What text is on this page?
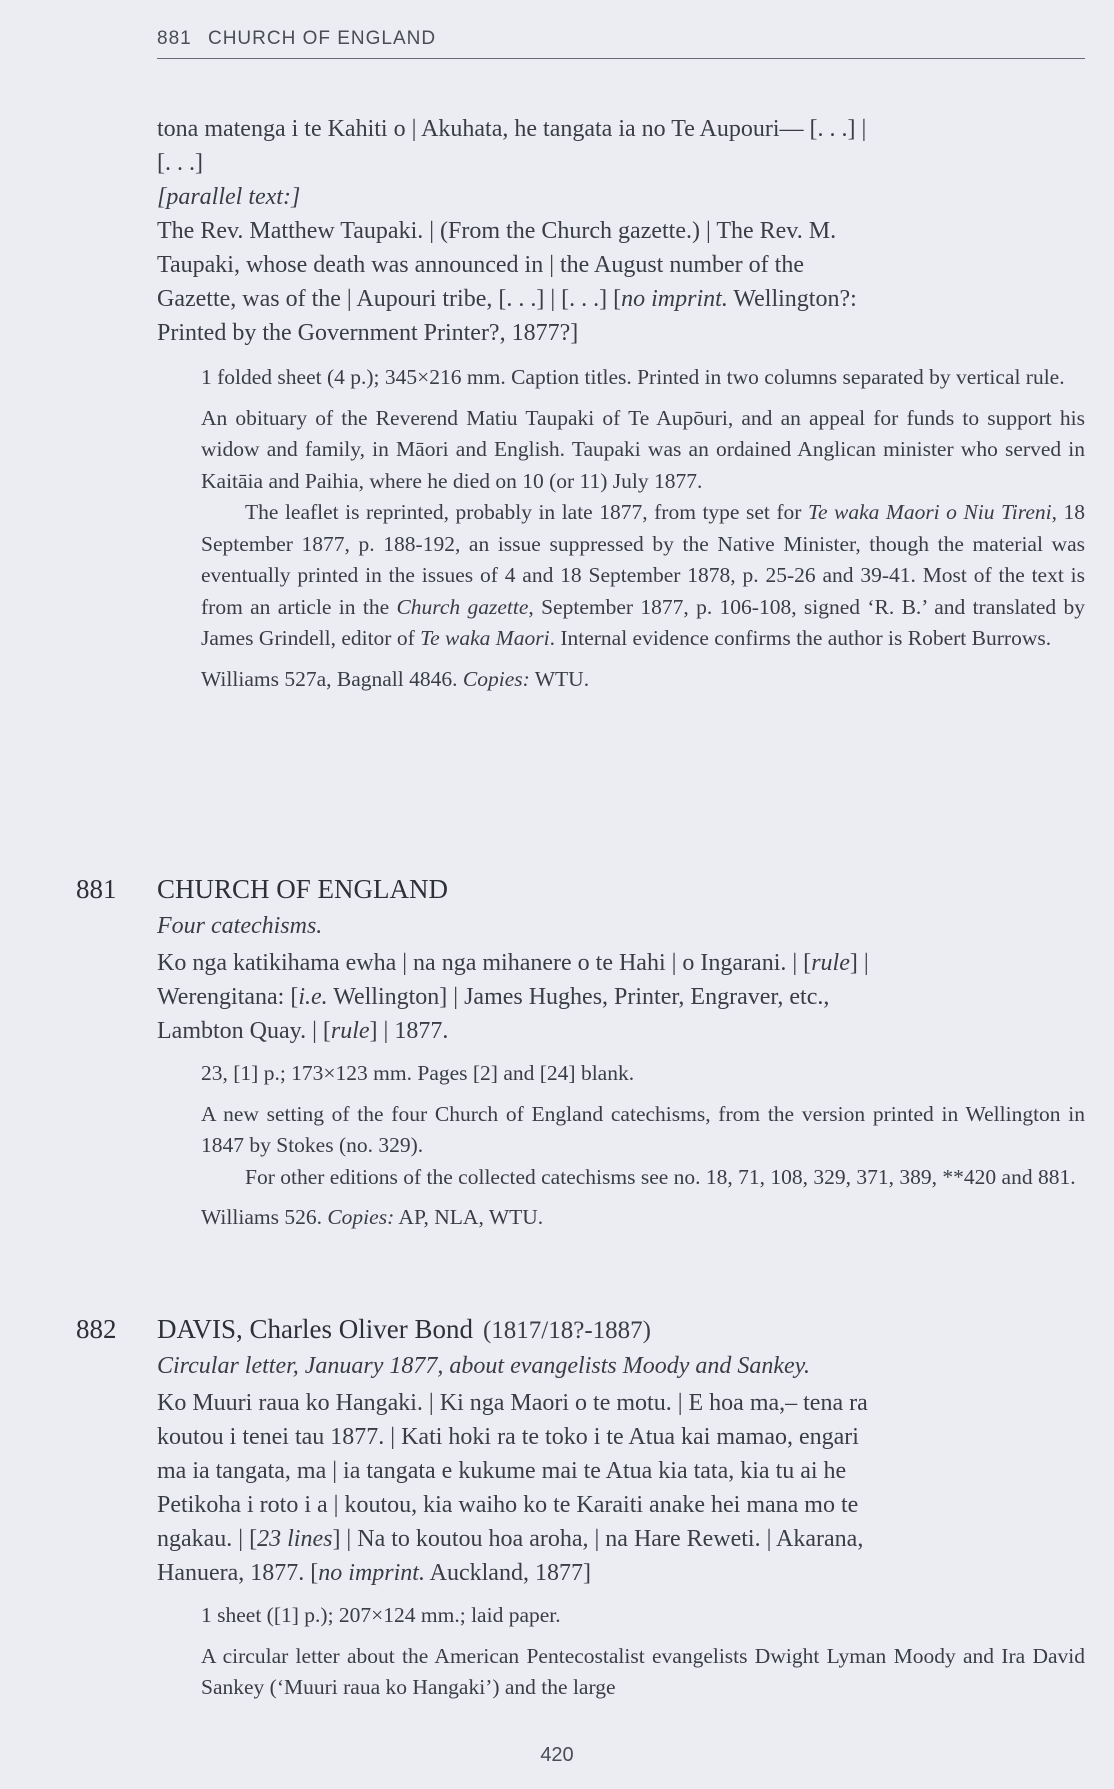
881 CHURCH OF ENGLAND
tona matenga i te Kahiti o | Akuhata, he tangata ia no Te Aupouri— [. . .] |
[. . .]
[parallel text:]
The Rev. Matthew Taupaki. | (From the Church gazette.) | The Rev. M.
Taupaki, whose death was announced in | the August number of the
Gazette, was of the | Aupouri tribe, [. . .] | [. . .] [no imprint. Wellington?:
Printed by the Government Printer?, 1877?]

1 folded sheet (4 p.); 345×216 mm. Caption titles. Printed in two columns separated by vertical rule.

An obituary of the Reverend Matiu Taupaki of Te Aupōuri, and an appeal for funds to support his widow and family, in Māori and English. Taupaki was an ordained Anglican minister who served in Kaitāia and Paihia, where he died on 10 (or 11) July 1877.

The leaflet is reprinted, probably in late 1877, from type set for Te waka Maori o Niu Tireni, 18 September 1877, p. 188-192, an issue suppressed by the Native Minister, though the material was eventually printed in the issues of 4 and 18 September 1878, p. 25-26 and 39-41. Most of the text is from an article in the Church gazette, September 1877, p. 106-108, signed ‘R. B.’ and translated by James Grindell, editor of Te waka Maori. Internal evidence confirms the author is Robert Burrows.

Williams 527a, Bagnall 4846. Copies: WTU.

881 CHURCH OF ENGLAND
Four catechisms.
Ko nga katikihama ewha | na nga mihanere o te Hahi | o Ingarani. | [rule] |
Werengitana: [i.e. Wellington] | James Hughes, Printer, Engraver, etc.,
Lambton Quay. | [rule] | 1877.

23, [1] p.; 173×123 mm. Pages [2] and [24] blank.

A new setting of the four Church of England catechisms, from the version printed in Wellington in 1847 by Stokes (no. 329).

For other editions of the collected catechisms see no. 18, 71, 108, 329, 371, 389, **420 and 881.

Williams 526. Copies: AP, NLA, WTU.

882 DAVIS, Charles Oliver Bond (1817/18?-1887)
Circular letter, January 1877, about evangelists Moody and Sankey.
Ko Muuri raua ko Hangaki. | Ki nga Maori o te motu. | E hoa ma,– tena ra
koutou i tenei tau 1877. | Kati hoki ra te toko i te Atua kai mamao, engari
ma ia tangata, ma | ia tangata e kukume mai te Atua kia tata, kia tu ai he
Petikoha i roto i a | koutou, kia waiho ko te Karaiti anake hei mana mo te
ngakau. | [23 lines] | Na to koutou hoa aroha, | na Hare Reweti. | Akarana,
Hanuera, 1877. [no imprint. Auckland, 1877]

1 sheet ([1] p.); 207×124 mm.; laid paper.

A circular letter about the American Pentecostalist evangelists Dwight Lyman Moody and Ira David Sankey (‘Muuri raua ko Hangaki’) and the large

420
